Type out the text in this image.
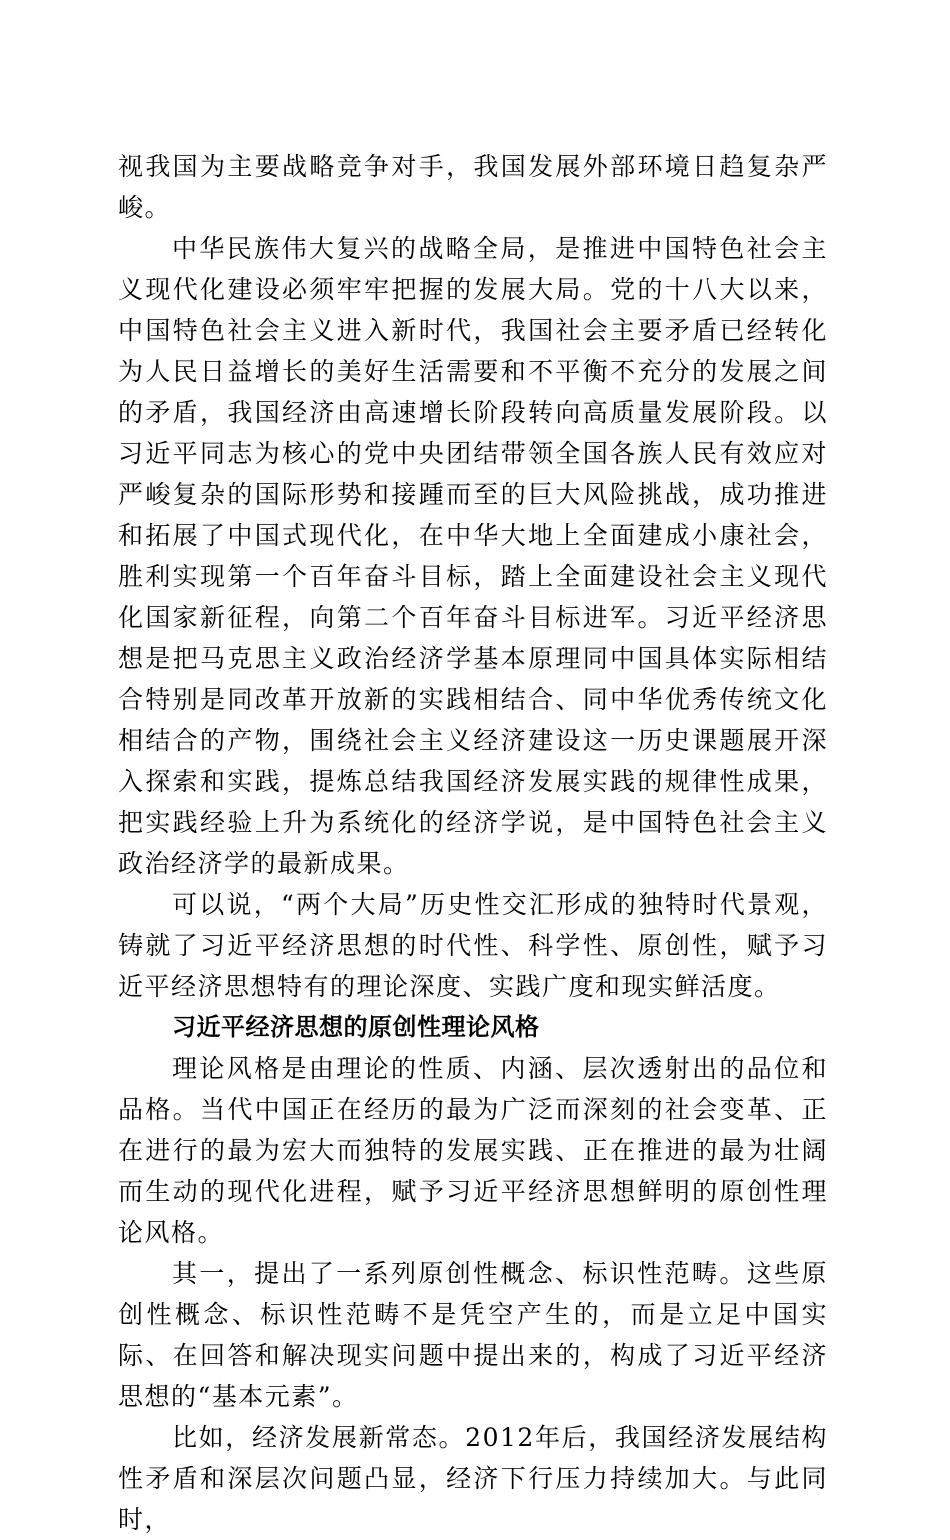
视我国为主要战略竞争对手，我国发展外部环境日趋复杂严峻。

中华民族伟大复兴的战略全局，是推进中国特色社会主义现代化建设必须牢牢把握的发展大局。党的十八大以来，中国特色社会主义进入新时代，我国社会主要矛盾已经转化为人民日益增长的美好生活需要和不平衡不充分的发展之间的矛盾，我国经济由高速增长阶段转向高质量发展阶段。以习近平同志为核心的党中央团结带领全国各族人民有效应对严峻复杂的国际形势和接踵而至的巨大风险挑战，成功推进和拓展了中国式现代化，在中华大地上全面建成小康社会，胜利实现第一个百年奋斗目标，踏上全面建设社会主义现代化国家新征程，向第二个百年奋斗目标进军。习近平经济思想是把马克思主义政治经济学基本原理同中国具体实际相结合特别是同改革开放新的实践相结合、同中华优秀传统文化相结合的产物，围绕社会主义经济建设这一历史课题展开深入探索和实践，提炼总结我国经济发展实践的规律性成果，把实践经验上升为系统化的经济学说，是中国特色社会主义政治经济学的最新成果。

可以说，“两个大局”历史性交汇形成的独特时代景观，铸就了习近平经济思想的时代性、科学性、原创性，赋予习近平经济思想特有的理论深度、实践广度和现实鲜活度。

习近平经济思想的原创性理论风格

理论风格是由理论的性质、内涵、层次透射出的品位和品格。当代中国正在经历的最为广泛而深刻的社会变革、正在进行的最为宏大而独特的发展实践、正在推进的最为壮阔而生动的现代化进程，赋予习近平经济思想鲜明的原创性理论风格。

其一，提出了一系列原创性概念、标识性范畴。这些原创性概念、标识性范畴不是凭空产生的，而是立足中国实际、在回答和解决现实问题中提出来的，构成了习近平经济思想的“基本元素”。

比如，经济发展新常态。2012年后，我国经济发展结构性矛盾和深层次问题凸显，经济下行压力持续加大。与此同时，
